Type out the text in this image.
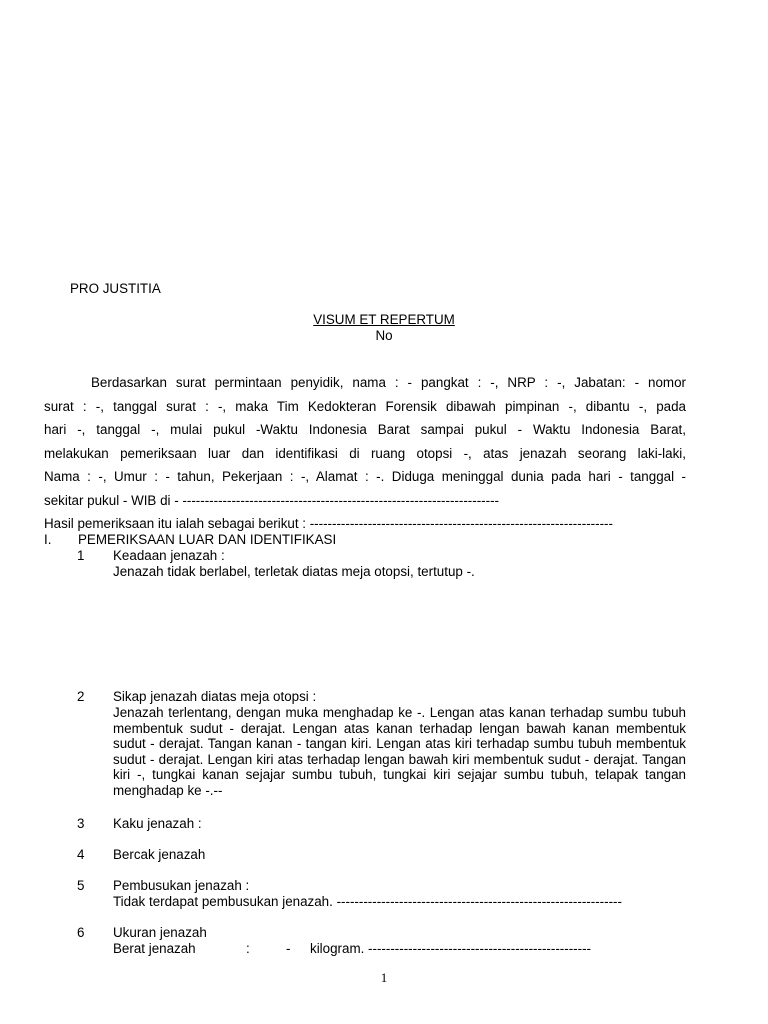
PRO JUSTITIA
VISUM ET REPERTUM
No
Berdasarkan surat permintaan penyidik, nama : - pangkat : -, NRP : -, Jabatan: - nomor
surat : -, tanggal surat : -, maka Tim Kedokteran Forensik dibawah pimpinan -, dibantu -, pada
hari -, tanggal -, mulai pukul -Waktu Indonesia Barat sampai pukul - Waktu Indonesia Barat,
melakukan pemeriksaan luar dan identifikasi di ruang otopsi -, atas jenazah seorang laki-laki,
Nama : -, Umur : - tahun, Pekerjaan : -, Alamat : -. Diduga meninggal dunia pada hari - tanggal -
sekitar pukul - WIB di - -----------------------------------------------------------------------
Hasil pemeriksaan itu ialah sebagai berikut : --------------------------------------------------------------------
I. PEMERIKSAAN LUAR DAN IDENTIFIKASI
1 Keadaan jenazah :
Jenazah tidak berlabel, terletak diatas meja otopsi, tertutup -.
2 Sikap jenazah diatas meja otopsi :
Jenazah terlentang, dengan muka menghadap ke -. Lengan atas kanan terhadap sumbu tubuh membentuk sudut - derajat. Lengan atas kanan terhadap lengan bawah kanan membentuk sudut - derajat. Tangan kanan - tangan kiri. Lengan atas kiri terhadap sumbu tubuh membentuk sudut - derajat. Lengan kiri atas terhadap lengan bawah kiri membentuk sudut - derajat. Tangan kiri -, tungkai kanan sejajar sumbu tubuh, tungkai kiri sejajar sumbu tubuh, telapak tangan menghadap ke -.--
3 Kaku jenazah :
4 Bercak jenazah
5 Pembusukan jenazah :
Tidak terdapat pembusukan jenazah. ----------------------------------------------------------------
6 Ukuran jenazah
Berat jenazah	:	- kilogram. --------------------------------------------------
1
